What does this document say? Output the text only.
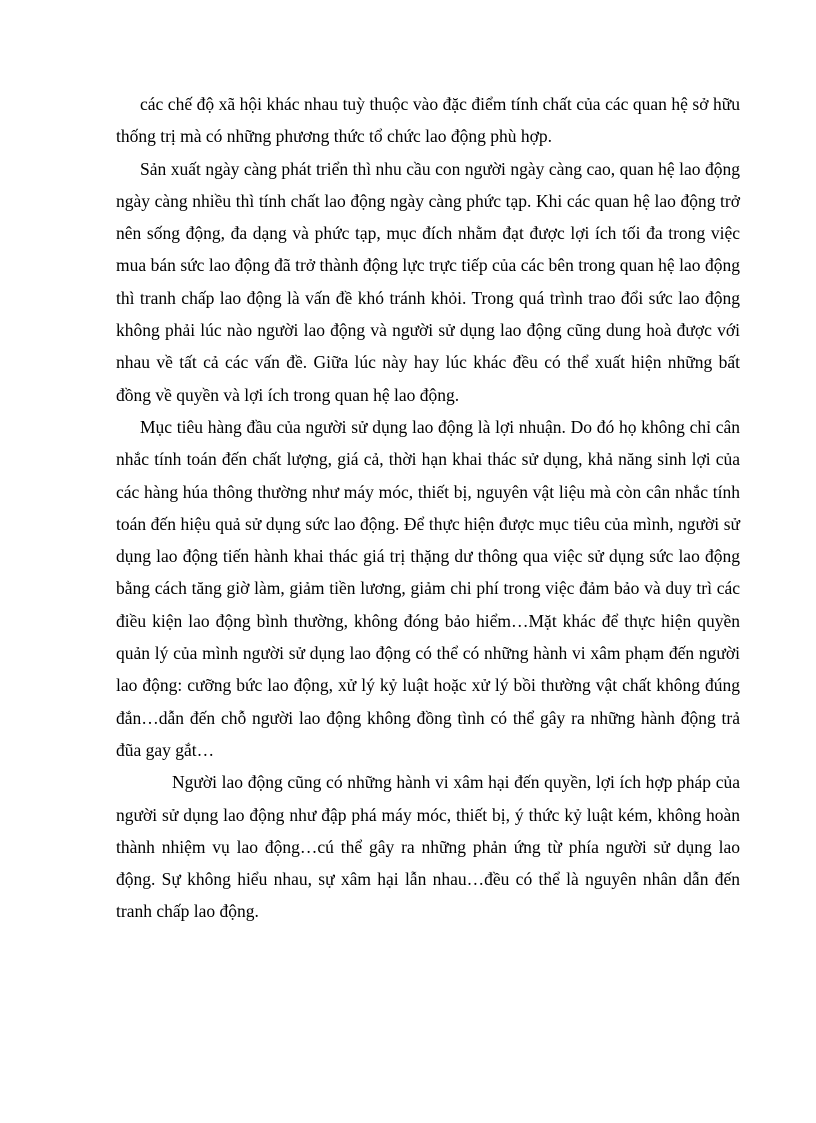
các chế độ xã hội khác nhau tuỳ thuộc vào đặc điểm tính chất của các quan hệ sở hữu thống trị mà có những phương thức tổ chức lao động phù hợp.

Sản xuất ngày càng phát triển thì nhu cầu con người ngày càng cao, quan hệ lao động ngày càng nhiều thì tính chất lao động ngày càng phức tạp. Khi các quan hệ lao động trở nên sống động, đa dạng và phức tạp, mục đích nhằm đạt được lợi ích tối đa trong việc mua bán sức lao động đã trở thành động lực trực tiếp của các bên trong quan hệ lao động thì tranh chấp lao động là vấn đề khó tránh khỏi. Trong quá trình trao đổi sức lao động không phải lúc nào người lao động và người sử dụng lao động cũng dung hoà được với nhau về tất cả các vấn đề. Giữa lúc này hay lúc khác đều có thể xuất hiện những bất đồng về quyền và lợi ích trong quan hệ lao động.

Mục tiêu hàng đầu của người sử dụng lao động là lợi nhuận. Do đó họ không chỉ cân nhắc tính toán đến chất lượng, giá cả, thời hạn khai thác sử dụng, khả năng sinh lợi của các hàng húa thông thường như máy móc, thiết bị, nguyên vật liệu mà còn cân nhắc tính toán đến hiệu quả sử dụng sức lao động. Để thực hiện được mục tiêu của mình, người sử dụng lao động tiến hành khai thác giá trị thặng dư thông qua việc sử dụng sức lao động bằng cách tăng giờ làm, giảm tiền lương, giảm chi phí trong việc đảm bảo và duy trì các điều kiện lao động bình thường, không đóng bảo hiểm…Mặt khác để thực hiện quyền quản lý của mình người sử dụng lao động có thể có những hành vi xâm phạm đến người lao động: cưỡng bức lao động, xử lý kỷ luật hoặc xử lý bồi thường vật chất không đúng đắn…dẫn đến chỗ người lao động không đồng tình có thể gây ra những hành động trả đũa gay gắt…

Người lao động cũng có những hành vi xâm hại đến quyền, lợi ích hợp pháp của người sử dụng lao động như đập phá máy móc, thiết bị, ý thức kỷ luật kém, không hoàn thành nhiệm vụ lao động…cú thể gây ra những phản ứng từ phía người sử dụng lao động. Sự không hiểu nhau, sự xâm hại lẫn nhau…đều có thể là nguyên nhân dẫn đến tranh chấp lao động.
